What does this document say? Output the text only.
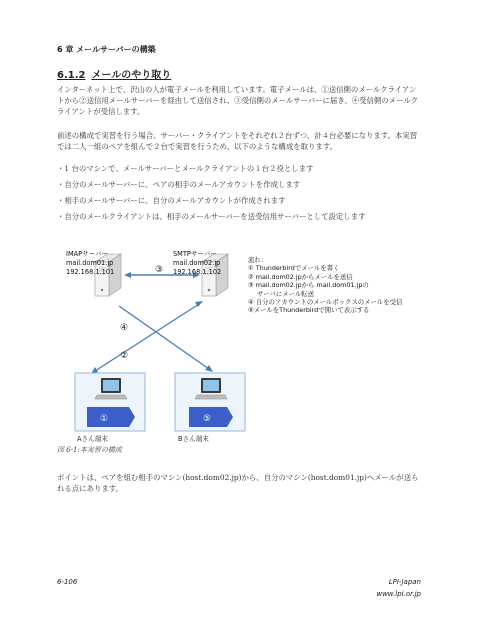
6 章 メールサーバーの構築
6.1.2 メールのやり取り
インターネット上で、沢山の人が電子メールを利用しています。電子メールは、①送信側のメールクライアントから②送信用メールサーバーを経由して送信され、③受信側のメールサーバーに届き、④受信側のメールクライアントが受信します。
前述の構成で実習を行う場合、サーバー・クライアントをそれぞれ２台ずつ、計４台必要になります。本実習では二人一組のペアを組んで２台で実習を行うため、以下のような構成を取ります。
・1 台のマシンで、メールサーバーとメールクライアントの１台２役とします
・自分のメールサーバーに、ペアの相手のメールアカウントを作成します
・相手のメールサーバーに、自分のメールアカウントが作成されます
・自分のメールクライアントは、相手のメールサーバーを送受信用サーバーとして設定します
③
④
②
①	⑤
IMAPサーバー
mail.dom01.jp
192.168.1.101
SMTPサーバー
mail.dom02.jp
192.168.1.102
流れ：
① Thunderbirdでメールを書く
② mail.dom02.jpからメールを送信
③ mail.dom02.jpから mail.dom01.jpの
サーバにメール転送
④ 自分のアカウントのメールボックスのメールを受信
⑤メールをThunderbirdで開いて表示する
Aさん端末	Bさん端末
図 6-1:本実習の構成
ポイントは、ペアを組む相手のマシン(host.dom02.jp)から、自分のマシン(host.dom01.jp)へメールが送られる点にあります。
6-106	LPI-Japan
www.lpi.or.jp
